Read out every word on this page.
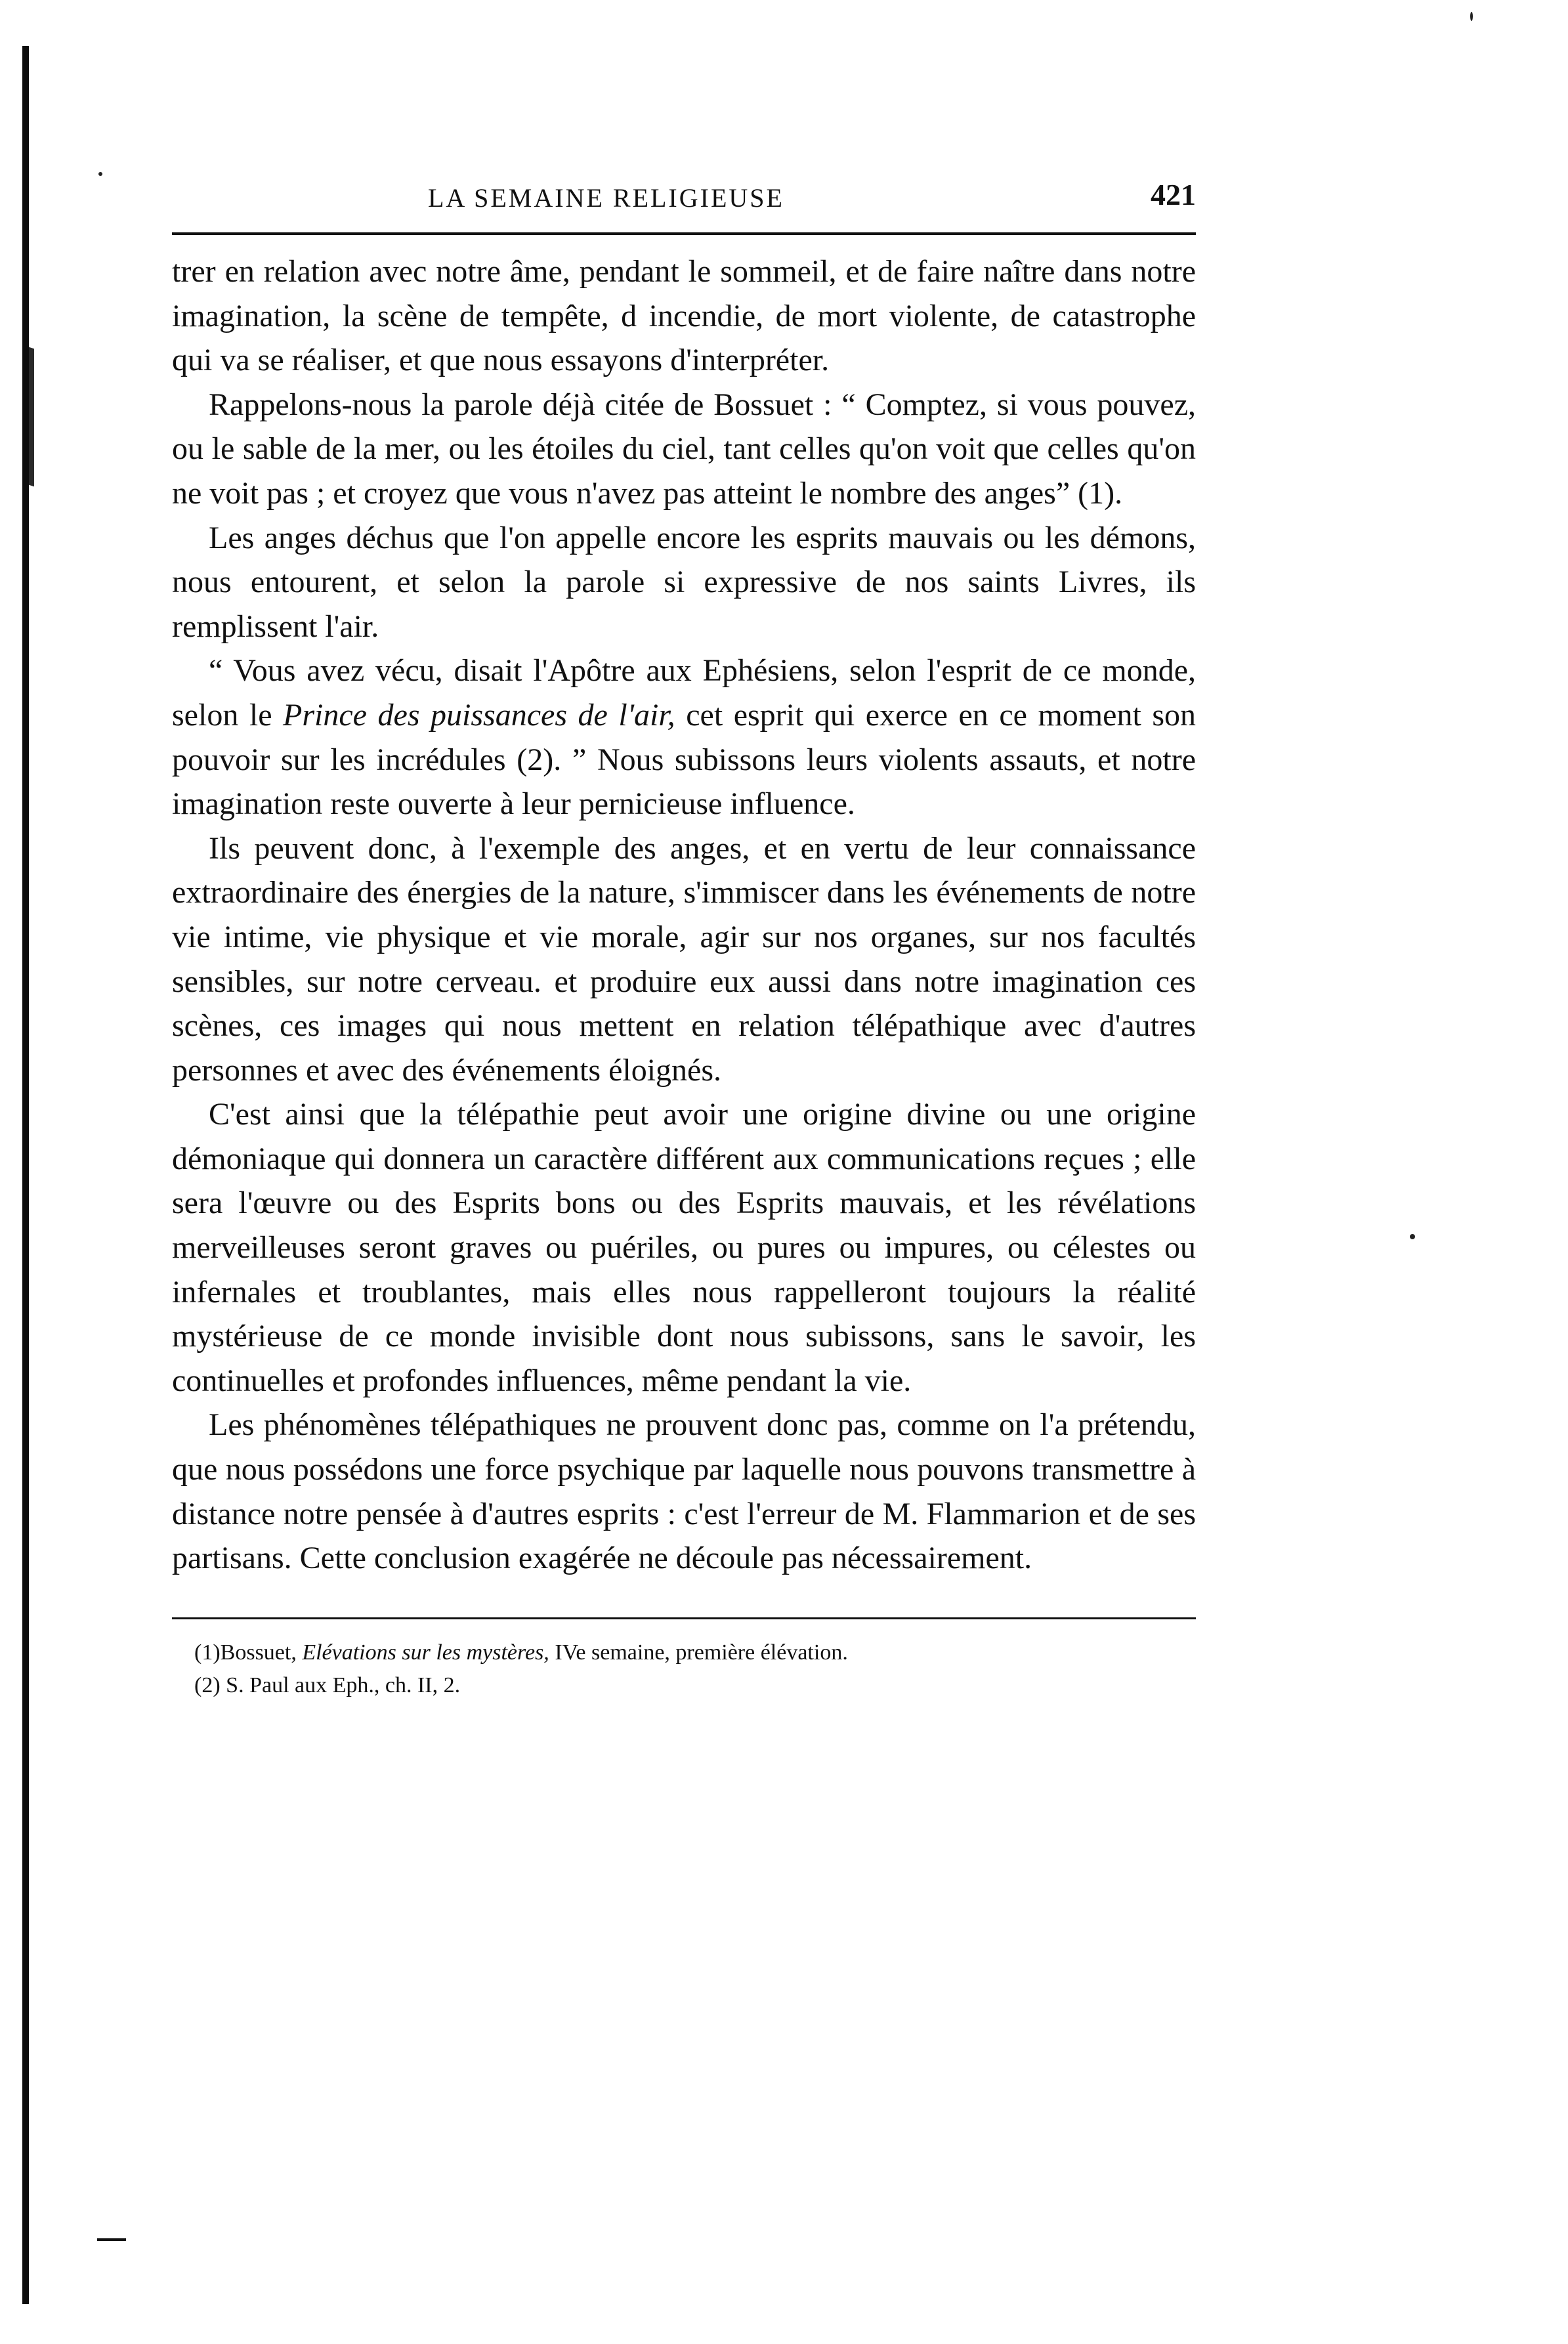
LA SEMAINE RELIGIEUSE	421

trer en relation avec notre âme, pendant le sommeil, et de faire naître dans notre imagination, la scène de tempête, d incendie, de mort violente, de catastrophe qui va se réaliser, et que nous essayons d'interpréter.

Rappelons-nous la parole déjà citée de Bossuet : “ Comptez, si vous pouvez, ou le sable de la mer, ou les étoiles du ciel, tant celles qu'on voit que celles qu'on ne voit pas ; et croyez que vous n'avez pas atteint le nombre des anges” (1).

Les anges déchus que l'on appelle encore les esprits mauvais ou les démons, nous entourent, et selon la parole si expressive de nos saints Livres, ils remplissent l'air.

“ Vous avez vécu, disait l'Apôtre aux Ephésiens, selon l'esprit de ce monde, selon le Prince des puissances de l'air, cet esprit qui exerce en ce moment son pouvoir sur les incrédules (2). ” Nous subissons leurs violents assauts, et notre imagination reste ouverte à leur pernicieuse influence.

Ils peuvent donc, à l'exemple des anges, et en vertu de leur connaissance extraordinaire des énergies de la nature, s'immiscer dans les événements de notre vie intime, vie physique et vie morale, agir sur nos organes, sur nos facultés sensibles, sur notre cerveau. et produire eux aussi dans notre imagination ces scènes, ces images qui nous mettent en relation télépathique avec d'autres personnes et avec des événements éloignés.

C'est ainsi que la télépathie peut avoir une origine divine ou une origine démoniaque qui donnera un caractère différent aux communications reçues ; elle sera l'œuvre ou des Esprits bons ou des Esprits mauvais, et les révélations merveilleuses seront graves ou puériles, ou pures ou impures, ou célestes ou infernales et troublantes, mais elles nous rappelleront toujours la réalité mystérieuse de ce monde invisible dont nous subissons, sans le savoir, les continuelles et profondes influences, même pendant la vie.

Les phénomènes télépathiques ne prouvent donc pas, comme on l'a prétendu, que nous possédons une force psychique par laquelle nous pouvons transmettre à distance notre pensée à d'autres esprits : c'est l'erreur de M. Flammarion et de ses partisans. Cette conclusion exagérée ne découle pas nécessairement.

(1)Bossuet, Elévations sur les mystères, IVe semaine, première élévation.
(2) S. Paul aux Eph., ch. II, 2.
